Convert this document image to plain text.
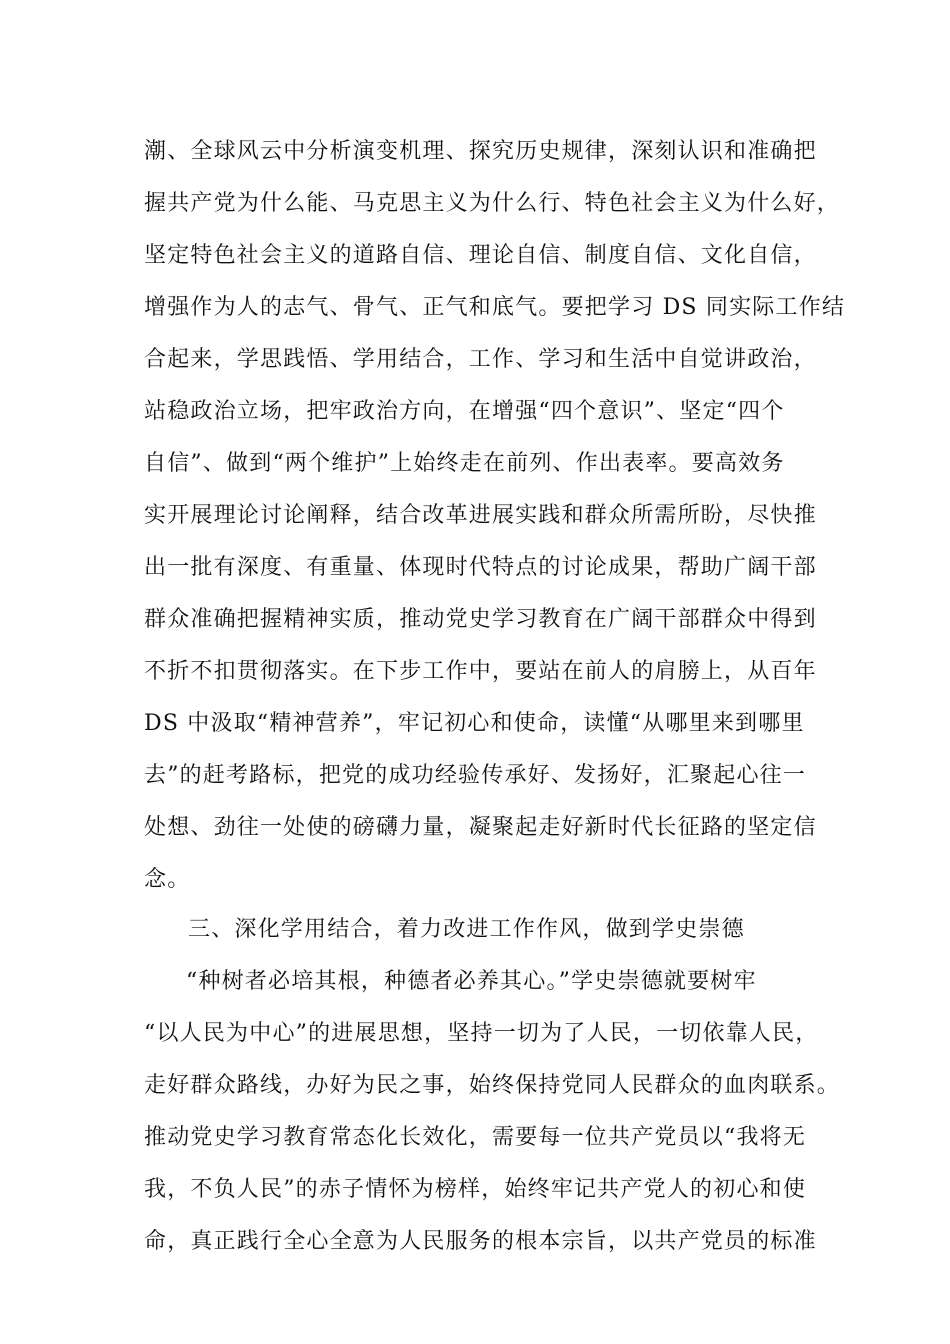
潮、全球风云中分析演变机理、探究历史规律，深刻认识和准确把
握共产党为什么能、马克思主义为什么行、特色社会主义为什么好，
坚定特色社会主义的道路自信、理论自信、制度自信、文化自信，
增强作为人的志气、骨气、正气和底气。要把学习 DS 同实际工作结
合起来，学思践悟、学用结合，工作、学习和生活中自觉讲政治，
站稳政治立场，把牢政治方向，在增强“四个意识”、坚定“四个
自信”、做到“两个维护”上始终走在前列、作出表率。要高效务
实开展理论讨论阐释，结合改革进展实践和群众所需所盼，尽快推
出一批有深度、有重量、体现时代特点的讨论成果，帮助广阔干部
群众准确把握精神实质，推动党史学习教育在广阔干部群众中得到
不折不扣贯彻落实。在下步工作中，要站在前人的肩膀上，从百年
DS 中汲取“精神营养”，牢记初心和使命，读懂“从哪里来到哪里
去”的赶考路标，把党的成功经验传承好、发扬好，汇聚起心往一
处想、劲往一处使的磅礴力量，凝聚起走好新时代长征路的坚定信
念。
三、深化学用结合，着力改进工作作风，做到学史崇德
“种树者必培其根，种德者必养其心。”学史崇德就要树牢
“以人民为中心”的进展思想，坚持一切为了人民，一切依靠人民，
走好群众路线，办好为民之事，始终保持党同人民群众的血肉联系。
推动党史学习教育常态化长效化，需要每一位共产党员以“我将无
我，不负人民”的赤子情怀为榜样，始终牢记共产党人的初心和使
命，真正践行全心全意为人民服务的根本宗旨，以共产党员的标准
